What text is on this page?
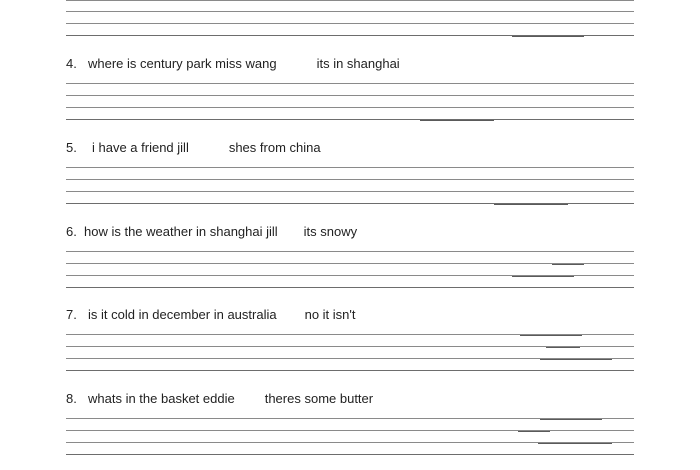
4. where is century park miss wang	its in shanghai
5. i have a friend jill	shes from china
6. how is the weather in shanghai jill its snowy
7. is it cold in december in australia no it isn't
8. whats in the basket eddie theres some butter
